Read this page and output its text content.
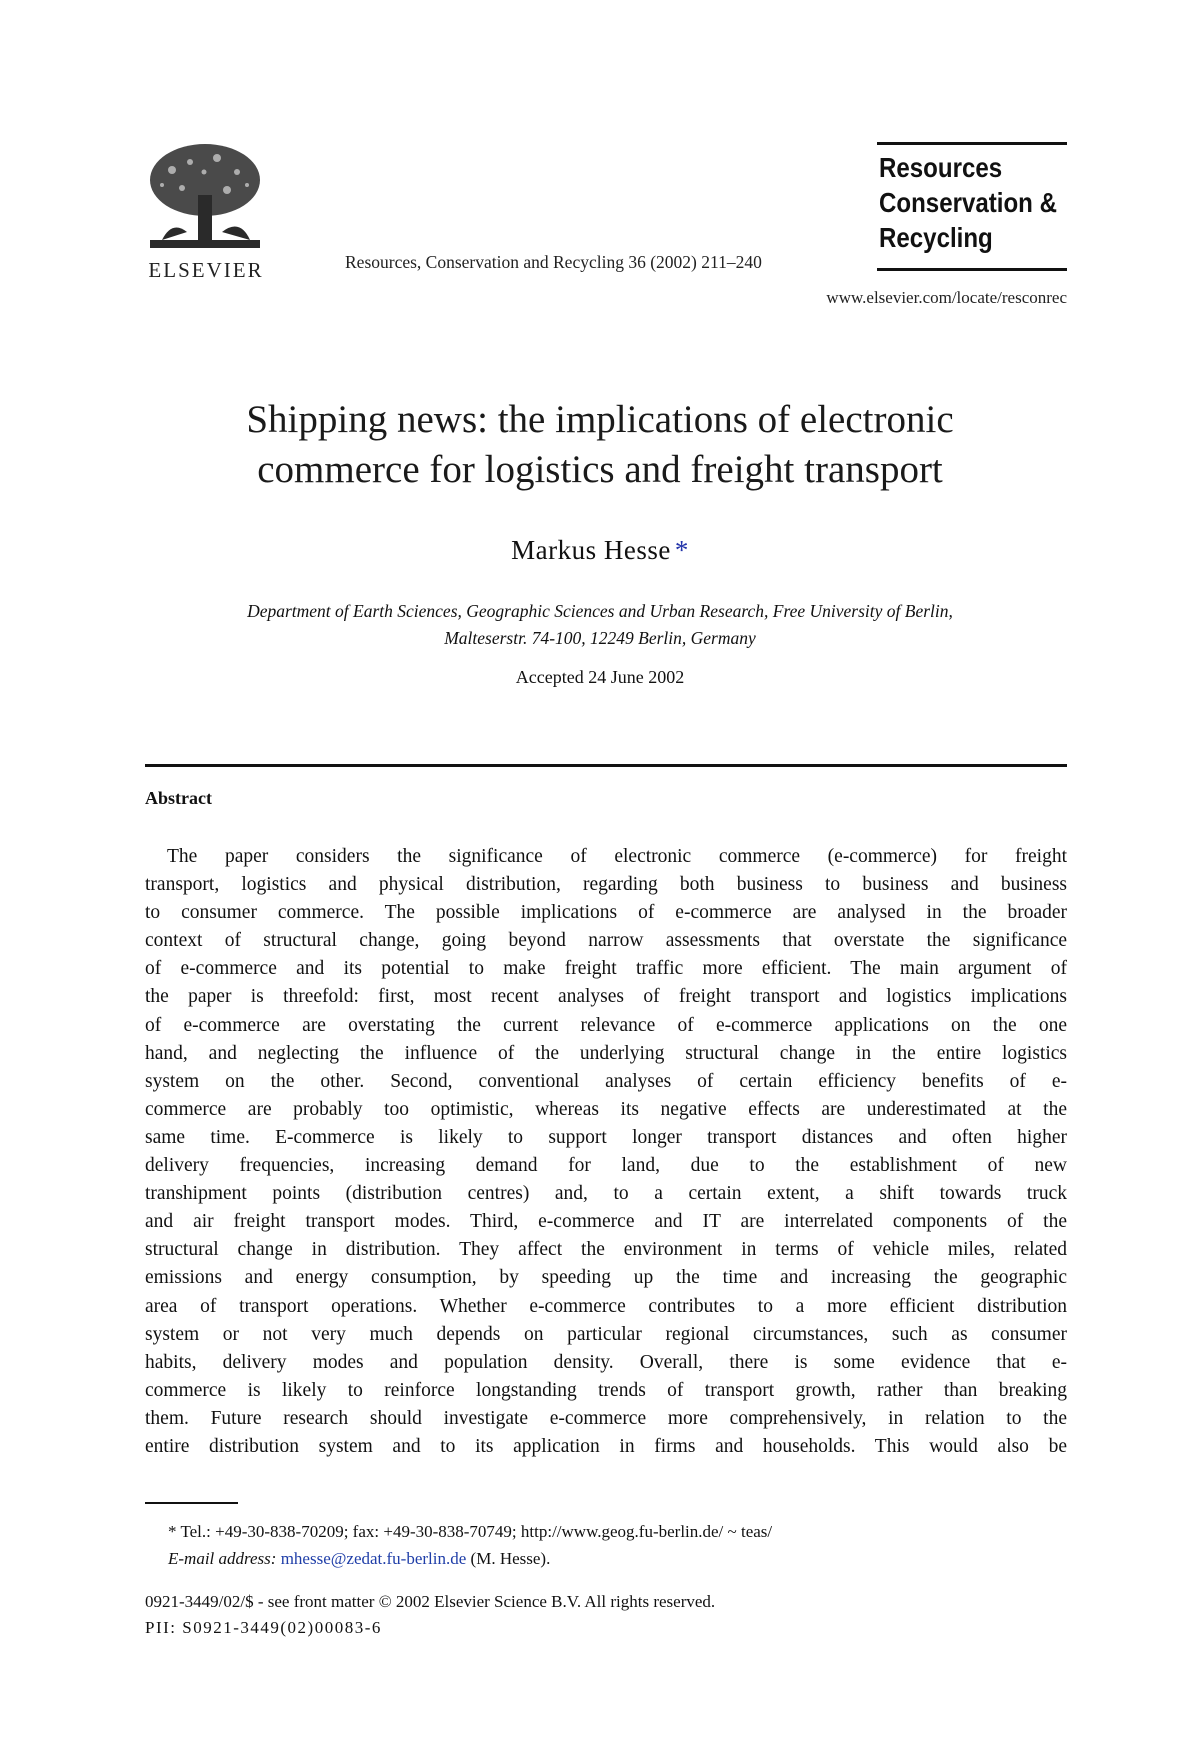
ELSEVIER	Resources, Conservation and Recycling 36 (2002) 211–240
Resources
Conservation &
Recycling
www.elsevier.com/locate/resconrec
Shipping news: the implications of electronic
commerce for logistics and freight transport
Markus Hesse *
Department of Earth Sciences, Geographic Sciences and Urban Research, Free University of Berlin,
Malteserstr. 74-100, 12249 Berlin, Germany
Accepted 24 June 2002
Abstract
The paper considers the significance of electronic commerce (e-commerce) for freight
transport, logistics and physical distribution, regarding both business to business and business
to consumer commerce. The possible implications of e-commerce are analysed in the broader
context of structural change, going beyond narrow assessments that overstate the significance
of e-commerce and its potential to make freight traffic more efficient. The main argument of
the paper is threefold: first, most recent analyses of freight transport and logistics implications
of e-commerce are overstating the current relevance of e-commerce applications on the one
hand, and neglecting the influence of the underlying structural change in the entire logistics
system on the other. Second, conventional analyses of certain efficiency benefits of e-
commerce are probably too optimistic, whereas its negative effects are underestimated at the
same time. E-commerce is likely to support longer transport distances and often higher
delivery frequencies, increasing demand for land, due to the establishment of new
transhipment points (distribution centres) and, to a certain extent, a shift towards truck
and air freight transport modes. Third, e-commerce and IT are interrelated components of the
structural change in distribution. They affect the environment in terms of vehicle miles, related
emissions and energy consumption, by speeding up the time and increasing the geographic
area of transport operations. Whether e-commerce contributes to a more efficient distribution
system or not very much depends on particular regional circumstances, such as consumer
habits, delivery modes and population density. Overall, there is some evidence that e-
commerce is likely to reinforce longstanding trends of transport growth, rather than breaking
them. Future research should investigate e-commerce more comprehensively, in relation to the
entire distribution system and to its application in firms and households. This would also be
* Tel.: +49-30-838-70209; fax: +49-30-838-70749; http://www.geog.fu-berlin.de/ ~ teas/
E-mail address: mhesse@zedat.fu-berlin.de (M. Hesse).
0921-3449/02/$ - see front matter © 2002 Elsevier Science B.V. All rights reserved.
PII: S0921-3449(02)00083-6
